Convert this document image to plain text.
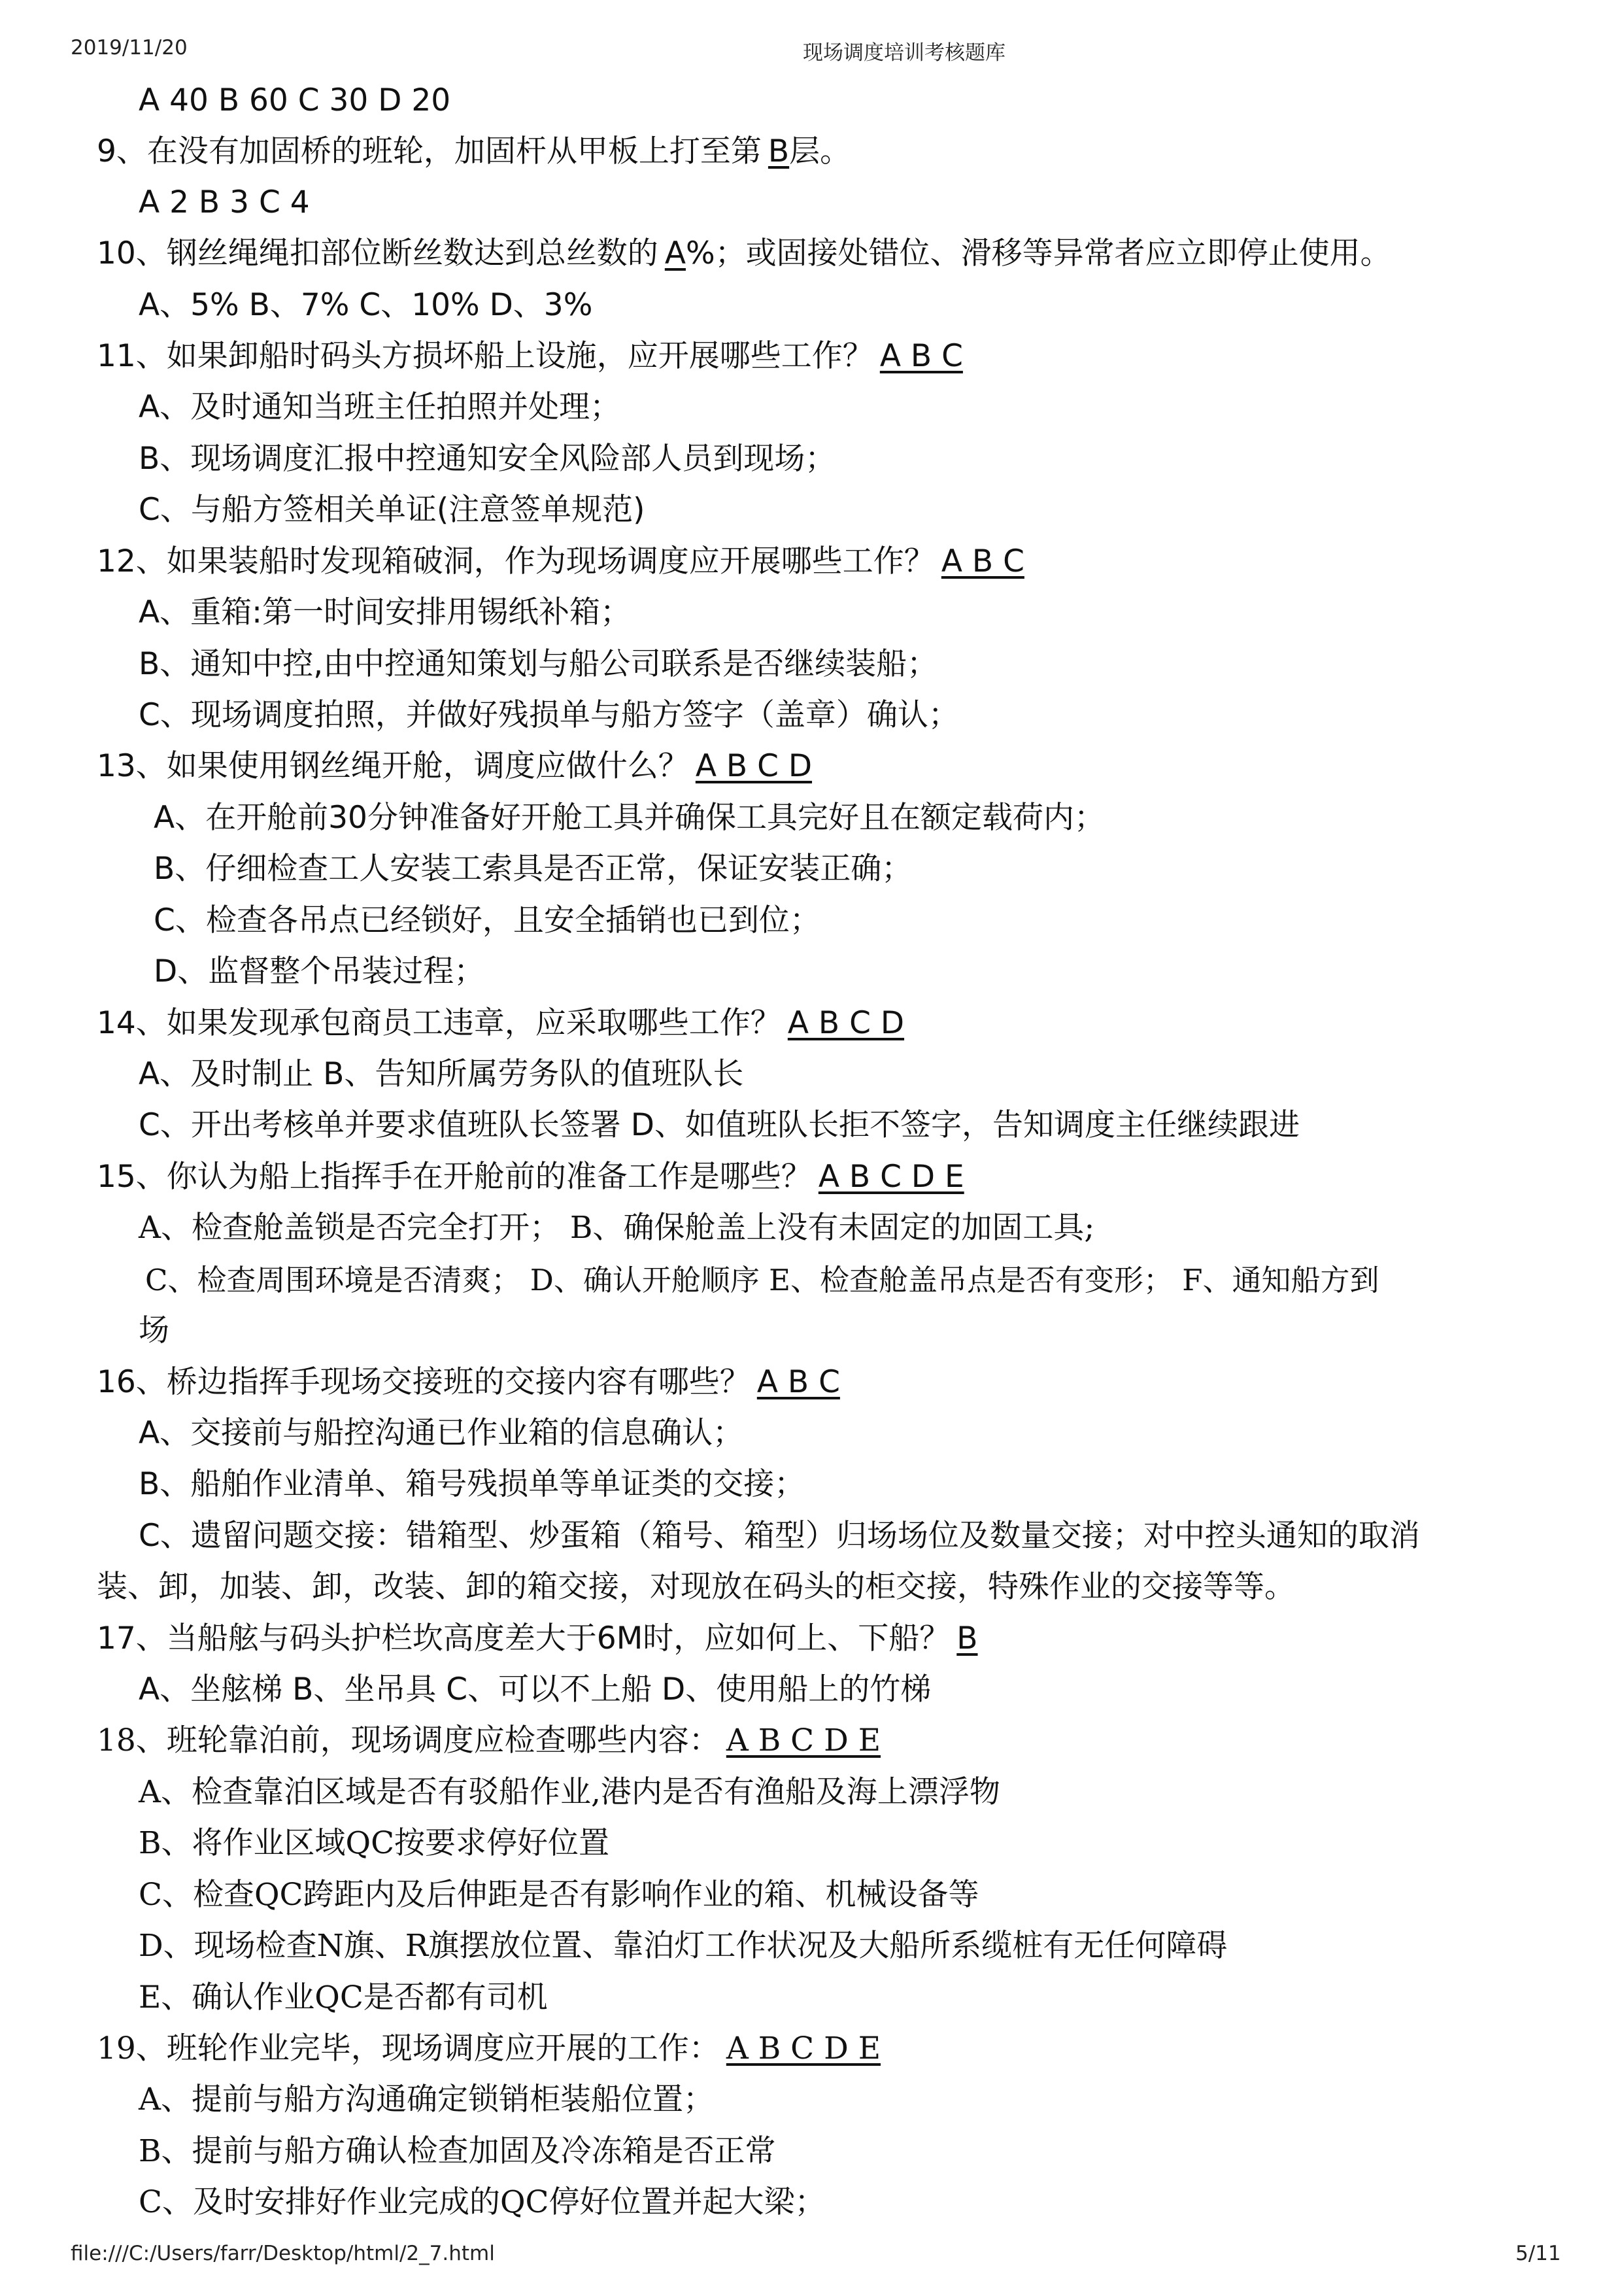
2019/11/20	现场调度培训考核题库
A 40 B 60 C 30 D 20
9、在没有加固桥的班轮，加固杆从甲板上打至第 B层。
A 2 B 3 C 4
10、钢丝绳绳扣部位断丝数达到总丝数的 A%；或固接处错位、滑移等异常者应立即停止使用。
A、5% B、7% C、10% D、3%
11、如果卸船时码头方损坏船上设施，应开展哪些工作？ A B C
A、及时通知当班主任拍照并处理；
B、现场调度汇报中控通知安全风险部人员到现场；
C、与船方签相关单证(注意签单规范)
12、如果装船时发现箱破洞，作为现场调度应开展哪些工作？ A B C
A、重箱:第一时间安排用锡纸补箱；
B、通知中控,由中控通知策划与船公司联系是否继续装船；
C、现场调度拍照，并做好残损单与船方签字（盖章）确认；
13、如果使用钢丝绳开舱，调度应做什么？ A B C D
A、在开舱前30分钟准备好开舱工具并确保工具完好且在额定载荷内；
B、仔细检查工人安装工索具是否正常，保证安装正确；
C、检查各吊点已经锁好，且安全插销也已到位；
D、监督整个吊装过程；
14、如果发现承包商员工违章，应采取哪些工作？ A B C D
A、及时制止 B、告知所属劳务队的值班队长
C、开出考核单并要求值班队长签署 D、如值班队长拒不签字，告知调度主任继续跟进
15、你认为船上指挥手在开舱前的准备工作是哪些？ A B C D E
A、检查舱盖锁是否完全打开； B、确保舱盖上没有未固定的加固工具;
C、检查周围环境是否清爽； D、确认开舱顺序 E、检查舱盖吊点是否有变形； F、通知船方到
场
16、桥边指挥手现场交接班的交接内容有哪些？ A B C
A、交接前与船控沟通已作业箱的信息确认；
B、船舶作业清单、箱号残损单等单证类的交接；
C、遗留问题交接：错箱型、炒蛋箱（箱号、箱型）归场场位及数量交接；对中控头通知的取消
装、卸，加装、卸，改装、卸的箱交接，对现放在码头的柜交接，特殊作业的交接等等。
17、当船舷与码头护栏坎高度差大于6M时，应如何上、下船？ B
A、坐舷梯 B、坐吊具 C、可以不上船 D、使用船上的竹梯
18、班轮靠泊前，现场调度应检查哪些内容： A B C D E
A、检查靠泊区域是否有驳船作业,港内是否有渔船及海上漂浮物
B、将作业区域QC按要求停好位置
C、检查QC跨距内及后伸距是否有影响作业的箱、机械设备等
D、现场检查N旗、R旗摆放位置、靠泊灯工作状况及大船所系缆桩有无任何障碍
E、确认作业QC是否都有司机
19、班轮作业完毕，现场调度应开展的工作： A B C D E
A、提前与船方沟通确定锁销柜装船位置；
B、提前与船方确认检查加固及冷冻箱是否正常
C、及时安排好作业完成的QC停好位置并起大梁；
file:///C:/Users/farr/Desktop/html/2_7.html	5/11
